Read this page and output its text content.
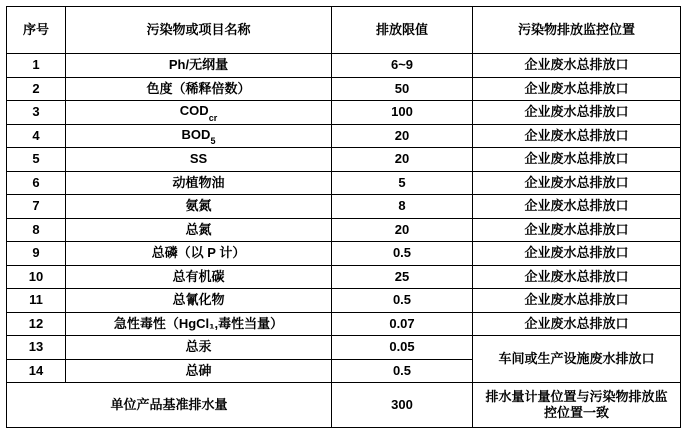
序号	污染物或项目名称	排放限值	污染物排放监控位置
1	Ph/无纲量	6~9	企业废水总排放口
2	色度（稀释倍数）	50	企业废水总排放口
3	$COD_{cr}$	100	企业废水总排放口
4	$BOD_5$	20	企业废水总排放口
5	SS	20	企业废水总排放口
6	动植物油	5	企业废水总排放口
7	氨氮	8	企业废水总排放口
8	总氮	20	企业废水总排放口
9	总磷（以 P 计）	0.5	企业废水总排放口
10	总有机碳	25	企业废水总排放口
11	总氰化物	0.5	企业废水总排放口
12	急性毒性（HgCl₁,毒性当量）	0.07	企业废水总排放口
13	总汞	0.05	车间或生产设施废水排放口
14	总砷	0.5	
单位产品基准排水量		300	排水量计量位置与污染物排放监
控位置一致
